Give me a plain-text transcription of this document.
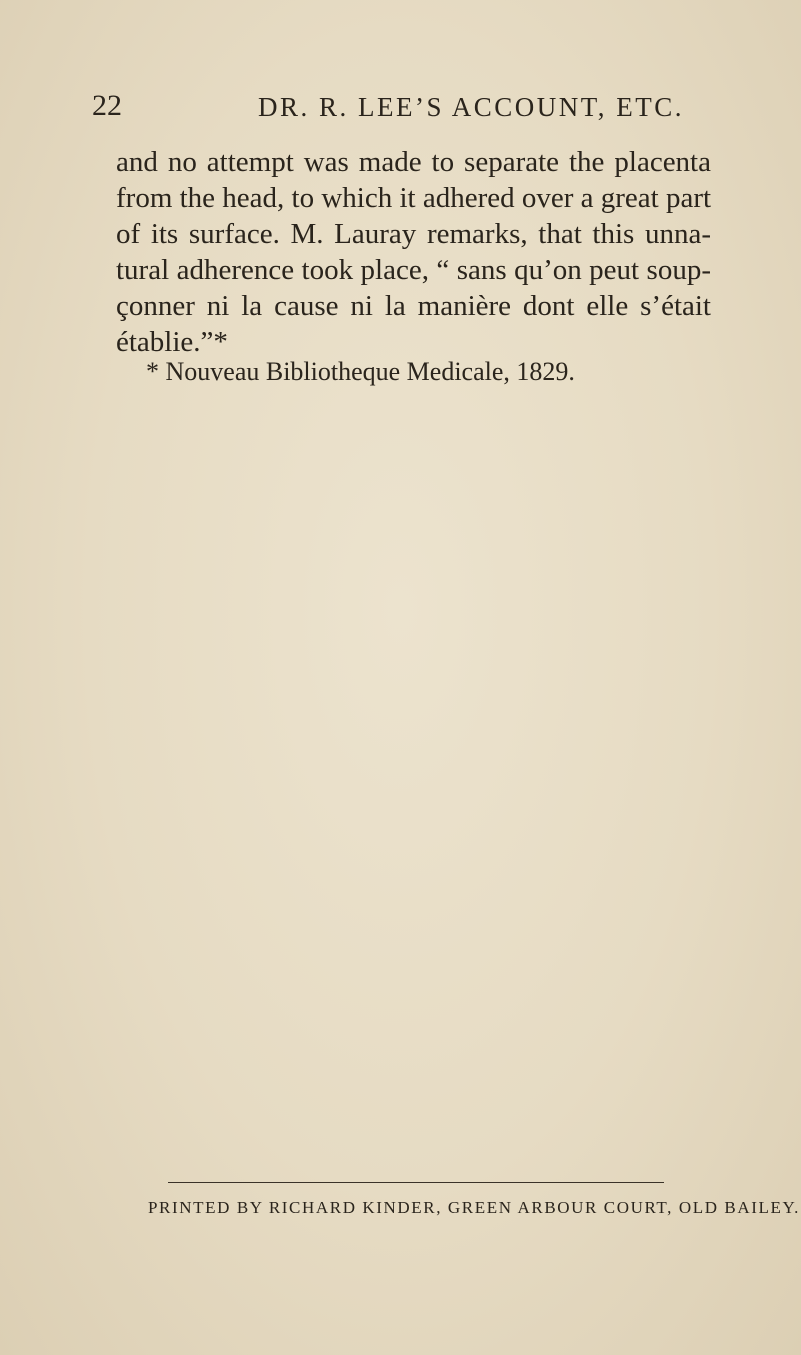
22	DR. R. LEE’S ACCOUNT, ETC.
and no attempt was made to separate the placenta
from the head, to which it adhered over a great part
of its surface. M. Lauray remarks, that this unna-
tural adherence took place, “ sans qu’on peut soup-
çonner ni la cause ni la manière dont elle s’était
établie.”*
* Nouveau Bibliotheque Medicale, 1829.
PRINTED BY RICHARD KINDER, GREEN ARBOUR COURT, OLD BAILEY.
